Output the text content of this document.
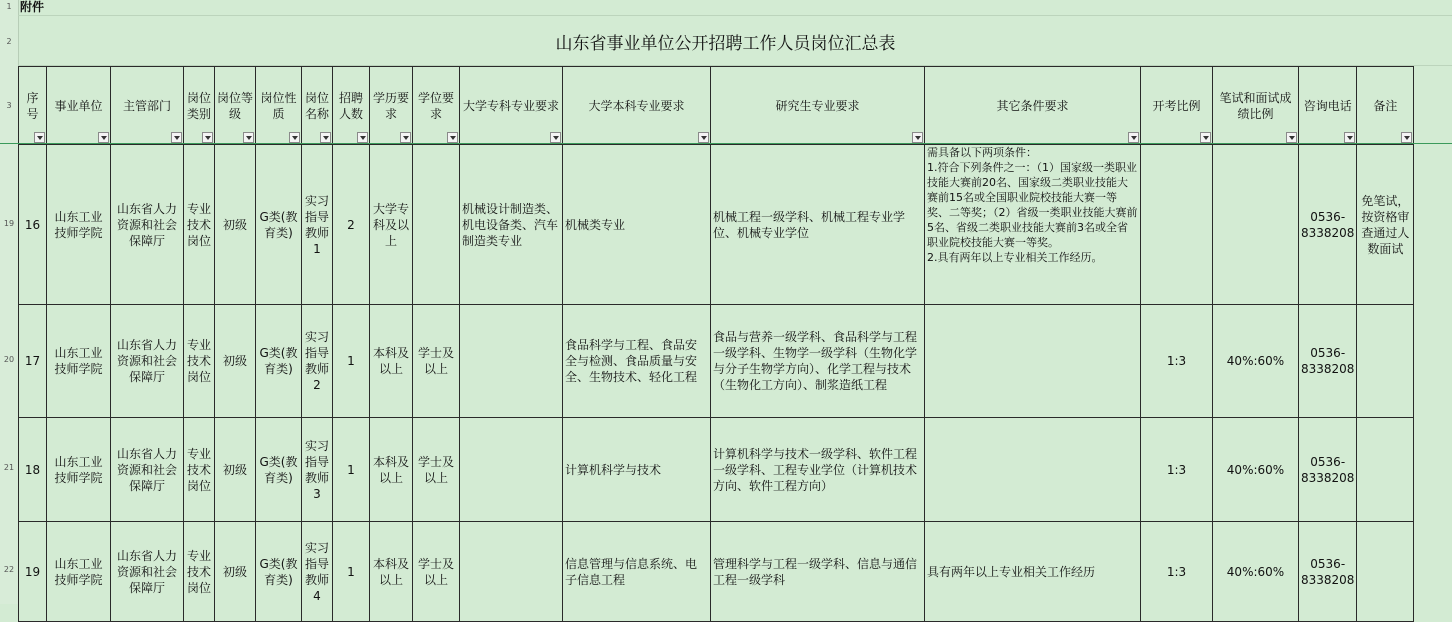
1
2
3
19
20
21
22
附件
山东省事业单位公开招聘工作人员岗位汇总表
序号	事业单位	主管部门	岗位类别	岗位等级	岗位性质	岗位名称	招聘人数	学历要求	学位要求	大学专科专业要求	大学本科专业要求	研究生专业要求	其它条件要求	开考比例	笔试和面试成绩比例	咨询电话	备注

16	山东工业技师学院	山东省人力资源和社会保障厅	专业技术岗位	初级	G类(教育类)	实习指导教师1	2	大学专科及以上		机械设计制造类、机电设备类、汽车制造类专业	机械类专业	机械工程一级学科、机械工程专业学位、机械专业学位	需具备以下两项条件：
1.符合下列条件之一：（1）国家级一类职业技能大赛前20名、国家级二类职业技能大赛前15名或全国职业院校技能大赛一等奖、二等奖；（2）省级一类职业技能大赛前5名、省级二类职业技能大赛前3名或全省职业院校技能大赛一等奖。
2.具有两年以上专业相关工作经历。			0536-8338208	免笔试，按资格审查通过人数面试
17	山东工业技师学院	山东省人力资源和社会保障厅	专业技术岗位	初级	G类(教育类)	实习指导教师2	1	本科及以上	学士及以上		食品科学与工程、食品安全与检测、食品质量与安全、生物技术、轻化工程	食品与营养一级学科、食品科学与工程一级学科、生物学一级学科（生物化学与分子生物学方向）、化学工程与技术（生物化工方向）、制浆造纸工程		1:3	40%:60%	0536-8338208	
18	山东工业技师学院	山东省人力资源和社会保障厅	专业技术岗位	初级	G类(教育类)	实习指导教师3	1	本科及以上	学士及以上		计算机科学与技术	计算机科学与技术一级学科、软件工程一级学科、工程专业学位（计算机技术方向、软件工程方向）		1:3	40%:60%	0536-8338208	
19	山东工业技师学院	山东省人力资源和社会保障厅	专业技术岗位	初级	G类(教育类)	实习指导教师4	1	本科及以上	学士及以上		信息管理与信息系统、电子信息工程	管理科学与工程一级学科、信息与通信工程一级学科	具有两年以上专业相关工作经历	1:3	40%:60%	0536-8338208	
